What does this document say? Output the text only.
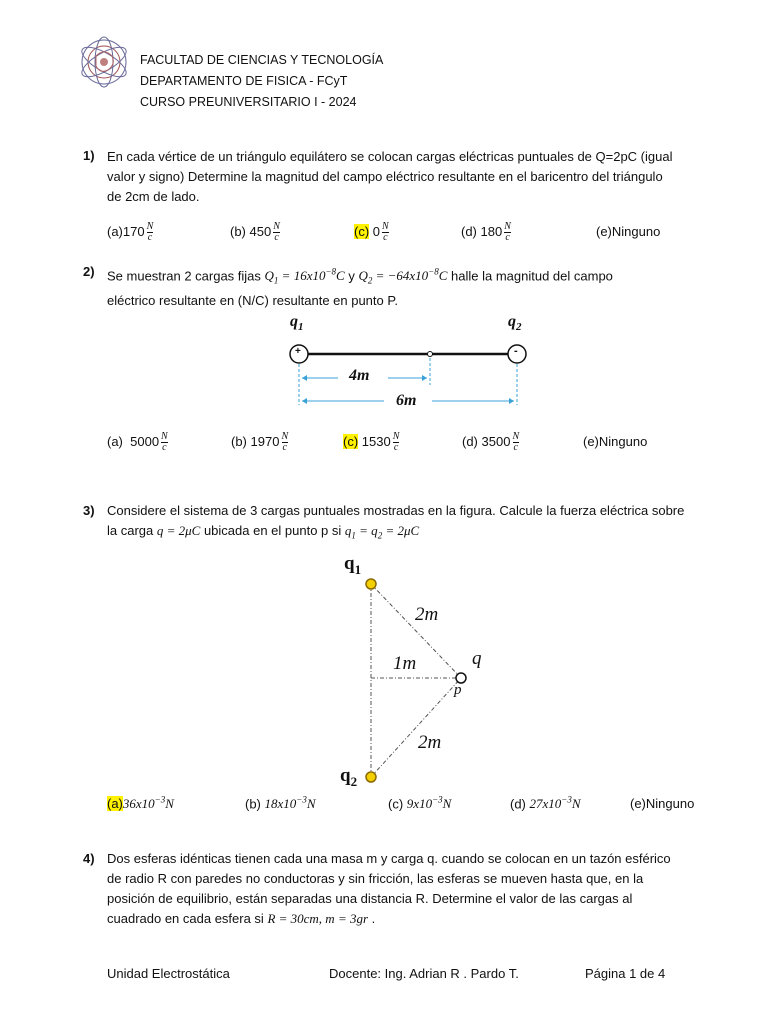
FACULTAD DE CIENCIAS Y TECNOLOGÍA
DEPARTAMENTO DE FISICA - FCyT
CURSO PREUNIVERSITARIO I - 2024
1) En cada vértice de un triángulo equilátero se colocan cargas eléctricas puntuales de Q=2pC (igual
valor y signo) Determine la magnitud del campo eléctrico resultante en el baricentro del triángulo
de 2cm de lado.
$(a)170 \frac{N}{c}$	(b) $450 \frac{N}{c}$	(c) $0 \frac{N}{c}$	(d) $180 \frac{N}{c}$	(e)Ninguno
2) Se muestran 2 cargas fijas $Q_1 = 16x10^{-8}C$ y $Q_2 = -64x10^{-8}C$ halle la magnitud del campo
eléctrico resultante en (N/C) resultante en punto P.
$q_1$	$q_2$
+	-
4m
6m
(a) $5000 \frac{N}{c}$	(b) $1970 \frac{N}{c}$	(c) $1530 \frac{N}{c}$	(d) $3500 \frac{N}{c}$	(e)Ninguno
3) Considere el sistema de 3 cargas puntuales mostradas en la figura. Calcule la fuerza eléctrica sobre
la carga q = 2μC ubicada en el punto p si $q_1 = q_2 = 2\mu C$
$q_1$
$q_2$
q
p
2m
1m
2m
$(a)36x10^{-3}N$	(b) $18x10^{-3}N$	(c) $9x10^{-3}N$	(d) $27x10^{-3}N$	(e)Ninguno
4) Dos esferas idénticas tienen cada una masa m y carga q. cuando se colocan en un tazón esférico
de radio R con paredes no conductoras y sin fricción, las esferas se mueven hasta que, en la
posición de equilibrio, están separadas una distancia R. Determine el valor de las cargas al
cuadrado en cada esfera si R = 30cm, m = 3gr .
Unidad Electrostática	Docente: Ing. Adrian R . Pardo T.	Página 1 de 4
